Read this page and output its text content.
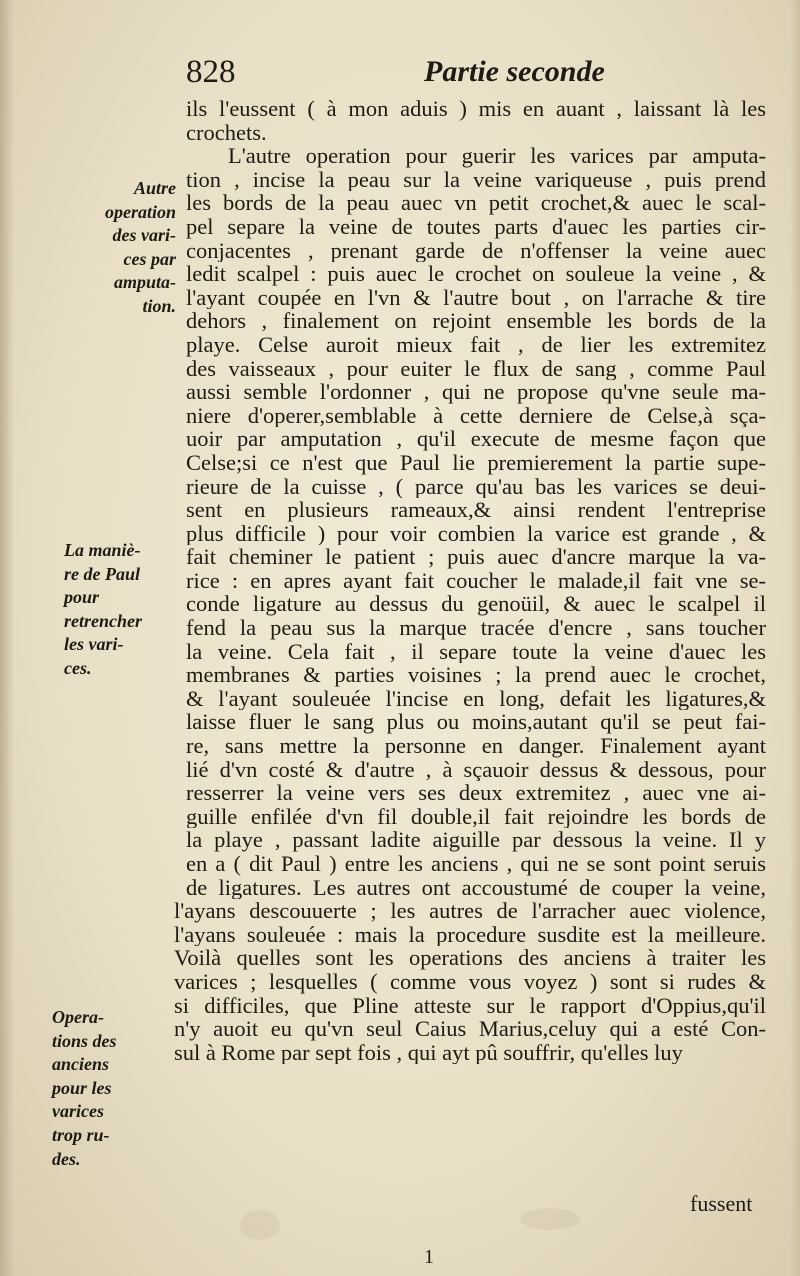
828	Partie seconde
ils l'eussent ( à mon aduis ) mis en auant , laissant là les
crochets.
L'autre operation pour guerir les varices par amputa-
tion , incise la peau sur la veine variqueuse , puis prend
les bords de la peau auec vn petit crochet,& auec le scal-
pel separe la veine de toutes parts d'auec les parties cir-
conjacentes , prenant garde de n'offenser la veine auec
ledit scalpel : puis auec le crochet on souleue la veine , &
l'ayant coupée en l'vn & l'autre bout , on l'arrache & tire
dehors , finalement on rejoint ensemble les bords de la
playe. Celse auroit mieux fait , de lier les extremitez
des vaisseaux , pour euiter le flux de sang , comme Paul
aussi semble l'ordonner , qui ne propose qu'vne seule ma-
niere d'operer,semblable à cette derniere de Celse,à sça-
uoir par amputation , qu'il execute de mesme façon que
Celse;si ce n'est que Paul lie premierement la partie supe-
rieure de la cuisse , ( parce qu'au bas les varices se deui-
sent en plusieurs rameaux,& ainsi rendent l'entreprise
plus difficile ) pour voir combien la varice est grande , &
fait cheminer le patient ; puis auec d'ancre marque la va-
rice : en apres ayant fait coucher le malade,il fait vne se-
conde ligature au dessus du genoüil, & auec le scalpel il
fend la peau sus la marque tracée d'encre , sans toucher
la veine. Cela fait , il separe toute la veine d'auec les
membranes & parties voisines ; la prend auec le crochet,
& l'ayant souleuée l'incise en long, defait les ligatures,&
laisse fluer le sang plus ou moins,autant qu'il se peut fai-
re, sans mettre la personne en danger. Finalement ayant
lié d'vn costé & d'autre , à sçauoir dessus & dessous, pour
resserrer la veine vers ses deux extremitez , auec vne ai-
guille enfilée d'vn fil double,il fait rejoindre les bords de
la playe , passant ladite aiguille par dessous la veine. Il y
en a ( dit Paul ) entre les anciens , qui ne se sont point seruis
de ligatures. Les autres ont accoustumé de couper la veine,
l'ayans descouuerte ; les autres de l'arracher auec violence,
l'ayans souleuée : mais la procedure susdite est la meilleure.
Voilà quelles sont les operations des anciens à traiter les
varices ; lesquelles ( comme vous voyez ) sont si rudes &
si difficiles, que Pline atteste sur le rapport d'Oppius,qu'il
n'y auoit eu qu'vn seul Caius Marius,celuy qui a esté Con-
sul à Rome par sept fois , qui ayt pû souffrir, qu'elles luy
Autre
operation
des vari-
ces par
amputa-
tion.
La maniè-
re de Paul
pour
retrencher
les vari-
ces.
Opera-
tions des
anciens
pour les
varices
trop ru-
des.
fussent
1
